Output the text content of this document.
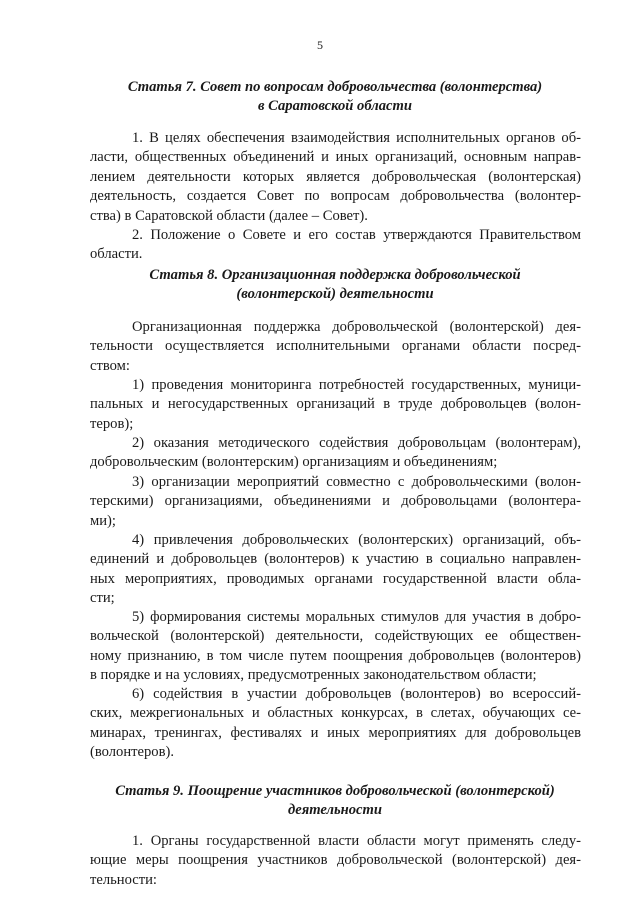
5
Статья 7. Совет по вопросам добровольчества (волонтерства)
в Саратовской области
1. В целях обеспечения взаимодействия исполнительных органов об-
ласти, общественных объединений и иных организаций, основным направ-
лением деятельности которых является добровольческая (волонтерская)
деятельность, создается Совет по вопросам добровольчества (волонтер-
ства) в Саратовской области (далее – Совет).
2. Положение о Совете и его состав утверждаются Правительством
области.
Статья 8. Организационная поддержка добровольческой
(волонтерской) деятельности
Организационная поддержка добровольческой (волонтерской) дея-
тельности осуществляется исполнительными органами области посред-
ством:
1) проведения мониторинга потребностей государственных, муници-
пальных и негосударственных организаций в труде добровольцев (волон-
теров);
2) оказания методического содействия добровольцам (волонтерам),
добровольческим (волонтерским) организациям и объединениям;
3) организации мероприятий совместно с добровольческими (волон-
терскими) организациями, объединениями и добровольцами (волонтера-
ми);
4) привлечения добровольческих (волонтерских) организаций, объ-
единений и добровольцев (волонтеров) к участию в социально направлен-
ных мероприятиях, проводимых органами государственной власти обла-
сти;
5) формирования системы моральных стимулов для участия в добро-
вольческой (волонтерской) деятельности, содействующих ее обществен-
ному признанию, в том числе путем поощрения добровольцев (волонтеров)
в порядке и на условиях, предусмотренных законодательством области;
6) содействия в участии добровольцев (волонтеров) во всероссий-
ских, межрегиональных и областных конкурсах, в слетах, обучающих се-
минарах, тренингах, фестивалях и иных мероприятиях для добровольцев
(волонтеров).
Статья 9. Поощрение участников добровольческой (волонтерской)
деятельности
1. Органы государственной власти области могут применять следу-
ющие меры поощрения участников добровольческой (волонтерской) дея-
тельности:
